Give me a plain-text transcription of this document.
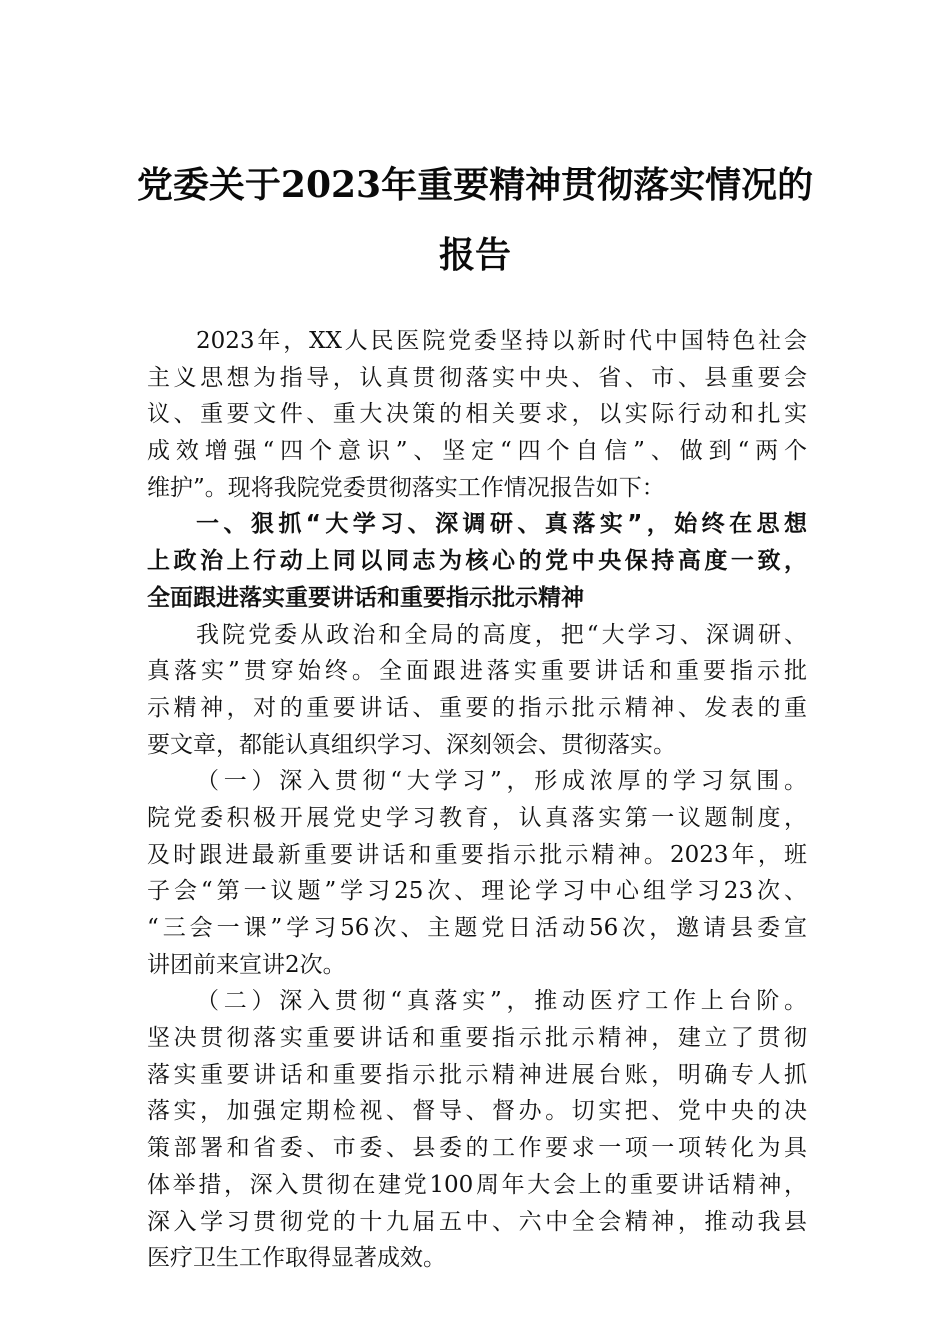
党委关于2023年重要精神贯彻落实情况的
报告
2023年，XX人民医院党委坚持以新时代中国特色社会
主义思想为指导，认真贯彻落实中央、省、市、县重要会
议、重要文件、重大决策的相关要求，以实际行动和扎实
成效增强“四个意识”、坚定“四个自信”、做到“两个
维护”。现将我院党委贯彻落实工作情况报告如下：
一、狠抓“大学习、深调研、真落实”，始终在思想
上政治上行动上同以同志为核心的党中央保持高度一致，
全面跟进落实重要讲话和重要指示批示精神
我院党委从政治和全局的高度，把“大学习、深调研、
真落实”贯穿始终。全面跟进落实重要讲话和重要指示批
示精神，对的重要讲话、重要的指示批示精神、发表的重
要文章，都能认真组织学习、深刻领会、贯彻落实。
（一）深入贯彻“大学习”，形成浓厚的学习氛围。
院党委积极开展党史学习教育，认真落实第一议题制度，
及时跟进最新重要讲话和重要指示批示精神。2023年，班
子会“第一议题”学习25次、理论学习中心组学习23次、
“三会一课”学习56次、主题党日活动56次，邀请县委宣
讲团前来宣讲2次。
（二）深入贯彻“真落实”，推动医疗工作上台阶。
坚决贯彻落实重要讲话和重要指示批示精神，建立了贯彻
落实重要讲话和重要指示批示精神进展台账，明确专人抓
落实，加强定期检视、督导、督办。切实把、党中央的决
策部署和省委、市委、县委的工作要求一项一项转化为具
体举措，深入贯彻在建党100周年大会上的重要讲话精神，
深入学习贯彻党的十九届五中、六中全会精神，推动我县
医疗卫生工作取得显著成效。
